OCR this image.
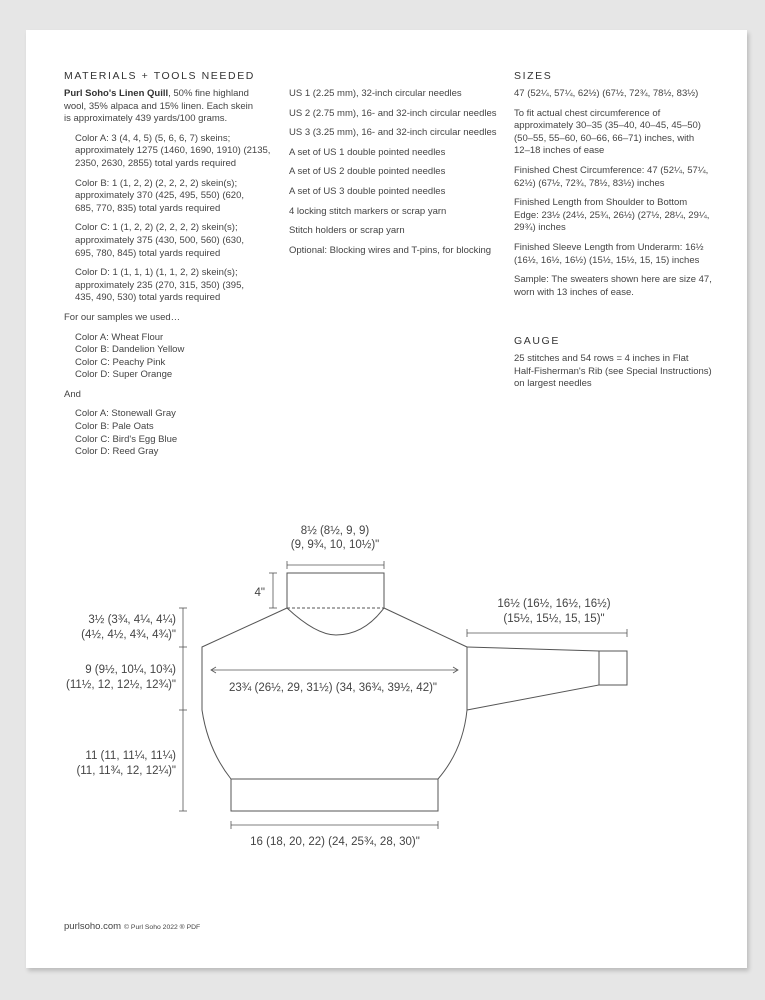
MATERIALS + TOOLS NEEDED

Purl Soho's Linen Quill, 50% fine highland
wool, 35% alpaca and 15% linen. Each skein
is approximately 439 yards/100 grams.

Color A: 3 (4, 4, 5) (5, 6, 6, 7) skeins;
approximately 1275 (1460, 1690, 1910) (2135,
2350, 2630, 2855) total yards required

Color B: 1 (1, 2, 2) (2, 2, 2, 2) skein(s);
approximately 370 (425, 495, 550) (620,
685, 770, 835) total yards required

Color C: 1 (1, 2, 2) (2, 2, 2, 2) skein(s);
approximately 375 (430, 500, 560) (630,
695, 780, 845) total yards required

Color D: 1 (1, 1, 1) (1, 1, 2, 2) skein(s);
approximately 235 (270, 315, 350) (395,
435, 490, 530) total yards required

For our samples we used…

Color A: Wheat Flour
Color B: Dandelion Yellow
Color C: Peachy Pink
Color D: Super Orange

And

Color A: Stonewall Gray
Color B: Pale Oats
Color C: Bird's Egg Blue
Color D: Reed Gray

US 1 (2.25 mm), 32-inch circular needles

US 2 (2.75 mm), 16- and 32-inch circular needles

US 3 (3.25 mm), 16- and 32-inch circular needles

A set of US 1 double pointed needles

A set of US 2 double pointed needles

A set of US 3 double pointed needles

4 locking stitch markers or scrap yarn

Stitch holders or scrap yarn

Optional: Blocking wires and T-pins, for blocking

SIZES

47 (52¼, 57¼, 62½) (67½, 72¾, 78½, 83½)

To fit actual chest circumference of
approximately 30–35 (35–40, 40–45, 45–50)
(50–55, 55–60, 60–66, 66–71) inches, with
12–18 inches of ease

Finished Chest Circumference: 47 (52¼, 57¼,
62½) (67½, 72¾, 78½, 83½) inches

Finished Length from Shoulder to Bottom
Edge: 23½ (24½, 25¾, 26½) (27½, 28¼, 29¼,
29¾) inches

Finished Sleeve Length from Underarm: 16½
(16½, 16½, 16½) (15½, 15½, 15, 15) inches

Sample: The sweaters shown here are size 47,
worn with 13 inches of ease.

GAUGE

25 stitches and 54 rows = 4 inches in Flat
Half-Fisherman's Rib (see Special Instructions)
on largest needles

8½ (8½, 9, 9)
(9, 9¾, 10, 10½)"
4"
3½ (3¾, 4¼, 4¼)
(4½, 4½, 4¾, 4¾)"
9 (9½, 10¼, 10¾)
(11½, 12, 12½, 12¾)"
11 (11, 11¼, 11¼)
(11, 11¾, 12, 12¼)"
23¾ (26½, 29, 31½) (34, 36¾, 39½, 42)"
16½ (16½, 16½, 16½)
(15½, 15½, 15, 15)"
16 (18, 20, 22) (24, 25¾, 28, 30)"
purlsoho.com © Purl Soho 2022 ® PDF
